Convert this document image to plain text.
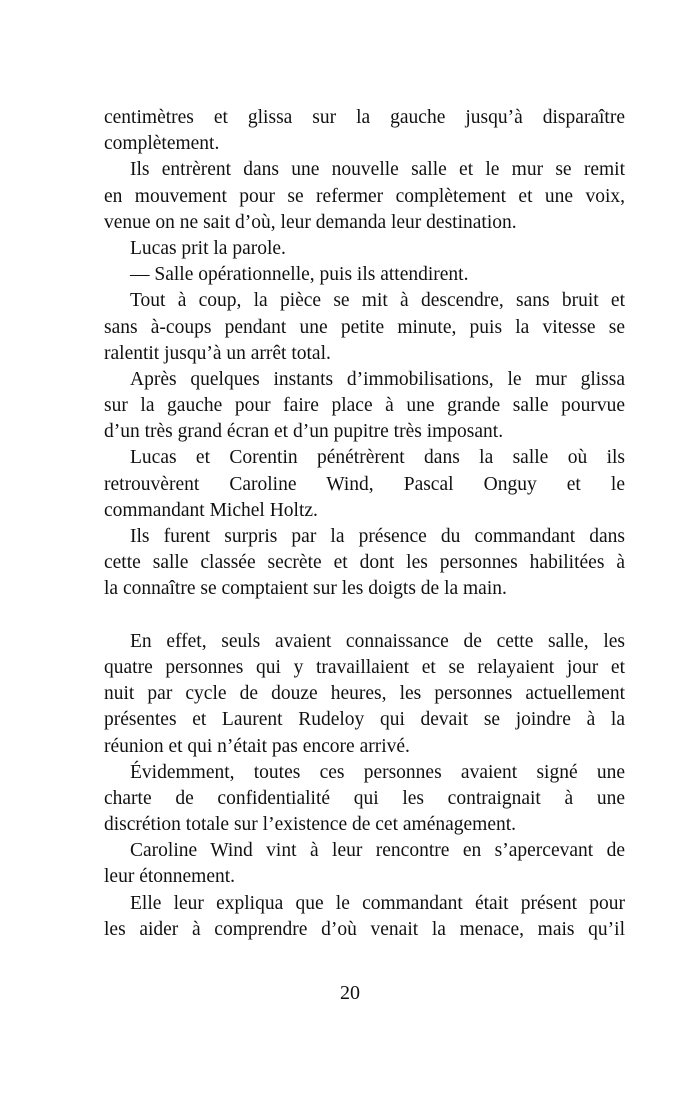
centimètres et glissa sur la gauche jusqu’à disparaître
complètement.
Ils entrèrent dans une nouvelle salle et le mur se remit
en mouvement pour se refermer complètement et une voix,
venue on ne sait d’où, leur demanda leur destination.
Lucas prit la parole.
— Salle opérationnelle, puis ils attendirent.
Tout à coup, la pièce se mit à descendre, sans bruit et
sans à-coups pendant une petite minute, puis la vitesse se
ralentit jusqu’à un arrêt total.
Après quelques instants d’immobilisations, le mur glissa
sur la gauche pour faire place à une grande salle pourvue
d’un très grand écran et d’un pupitre très imposant.
Lucas et Corentin pénétrèrent dans la salle où ils
retrouvèrent Caroline Wind, Pascal Onguy et le
commandant Michel Holtz.
Ils furent surpris par la présence du commandant dans
cette salle classée secrète et dont les personnes habilitées à
la connaître se comptaient sur les doigts de la main.
En effet, seuls avaient connaissance de cette salle, les
quatre personnes qui y travaillaient et se relayaient jour et
nuit par cycle de douze heures, les personnes actuellement
présentes et Laurent Rudeloy qui devait se joindre à la
réunion et qui n’était pas encore arrivé.
Évidemment, toutes ces personnes avaient signé une
charte de confidentialité qui les contraignait à une
discrétion totale sur l’existence de cet aménagement.
Caroline Wind vint à leur rencontre en s’apercevant de
leur étonnement.
Elle leur expliqua que le commandant était présent pour
les aider à comprendre d’où venait la menace, mais qu’il
20
